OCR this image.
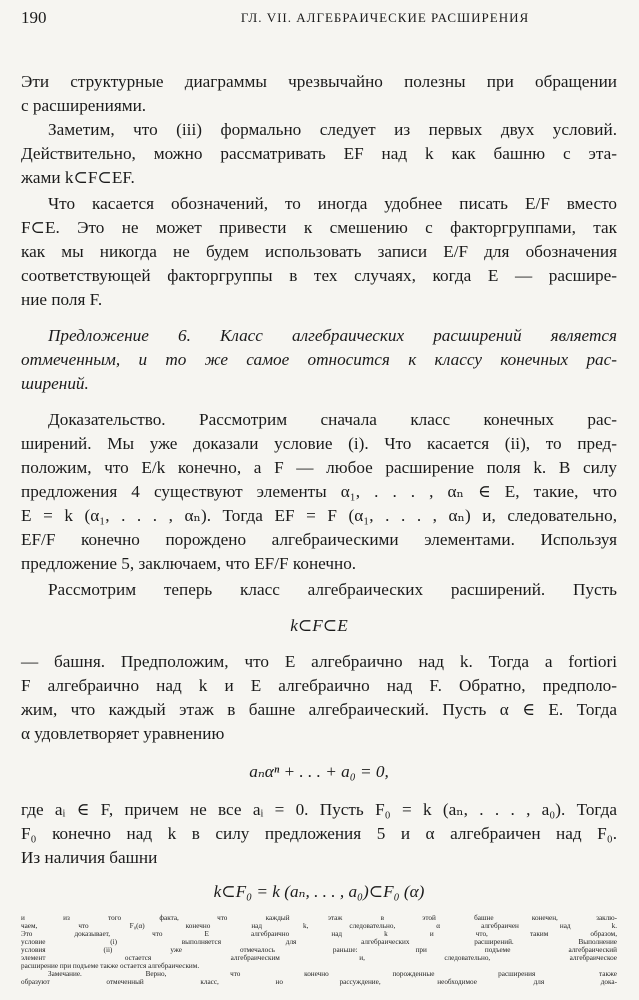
190	ГЛ. VII. АЛГЕБРАИЧЕСКИЕ РАСШИРЕНИЯ
Эти структурные диаграммы чрезвычайно полезны при обращении
с расширениями.
Заметим, что (iii) формально следует из первых двух условий.
Действительно, можно рассматривать EF над k как башню с эта-
жами k⊂F⊂EF.
Что касается обозначений, то иногда удобнее писать E/F вместо
F⊂E. Это не может привести к смешению с факторгруппами, так
как мы никогда не будем использовать записи E/F для обозначения
соответствующей факторгруппы в тех случаях, когда E — расшире-
ние поля F.
Предложение 6. Класс алгебраических расширений является
отмеченным, и то же самое относится к классу конечных рас-
ширений.
Доказательство. Рассмотрим сначала класс конечных рас-
ширений. Мы уже доказали условие (i). Что касается (ii), то пред-
положим, что E/k конечно, а F — любое расширение поля k. В силу
предложения 4 существуют элементы α₁, . . . , αₙ ∈ E, такие, что
E = k (α₁, . . . , αₙ). Тогда EF = F (α₁, . . . , αₙ) и, следовательно,
EF/F конечно порождено алгебраическими элементами. Используя
предложение 5, заключаем, что EF/F конечно.
Рассмотрим теперь класс алгебраических расширений. Пусть
k⊂F⊂E
— башня. Предположим, что E алгебраично над k. Тогда a fortiori
F алгебраично над k и E алгебраично над F. Обратно, предполо-
жим, что каждый этаж в башне алгебраический. Пусть α ∈ E. Тогда
α удовлетворяет уравнению
aₙαⁿ + . . . + a₀ = 0,
где aᵢ ∈ F, причем не все aᵢ = 0. Пусть F₀ = k (aₙ, . . . , a₀). Тогда
F₀ конечно над k в силу предложения 5 и α алгебраичен над F₀.
Из наличия башни
k⊂F₀ = k (aₙ, . . . , a₀)⊂F₀ (α)
и из того факта, что каждый этаж в этой башне конечен, заклю-
чаем, что F₀(α) конечно над k, следовательно, α алгебраичен над k.
Это доказывает, что E алгебраично над k и что, таким образом,
условие (i) выполняется для алгебраических расширений. Выполнение
условия (ii) уже отмечалось раньше: при подъеме алгебраический
элемент остается алгебраическим и, следовательно, алгебраическое
расширение при подъеме также остается алгебраическим.
Замечание. Верно, что конечно порожденные расширения также
образуют отмеченный класс, но рассуждение, необходимое для дока-
